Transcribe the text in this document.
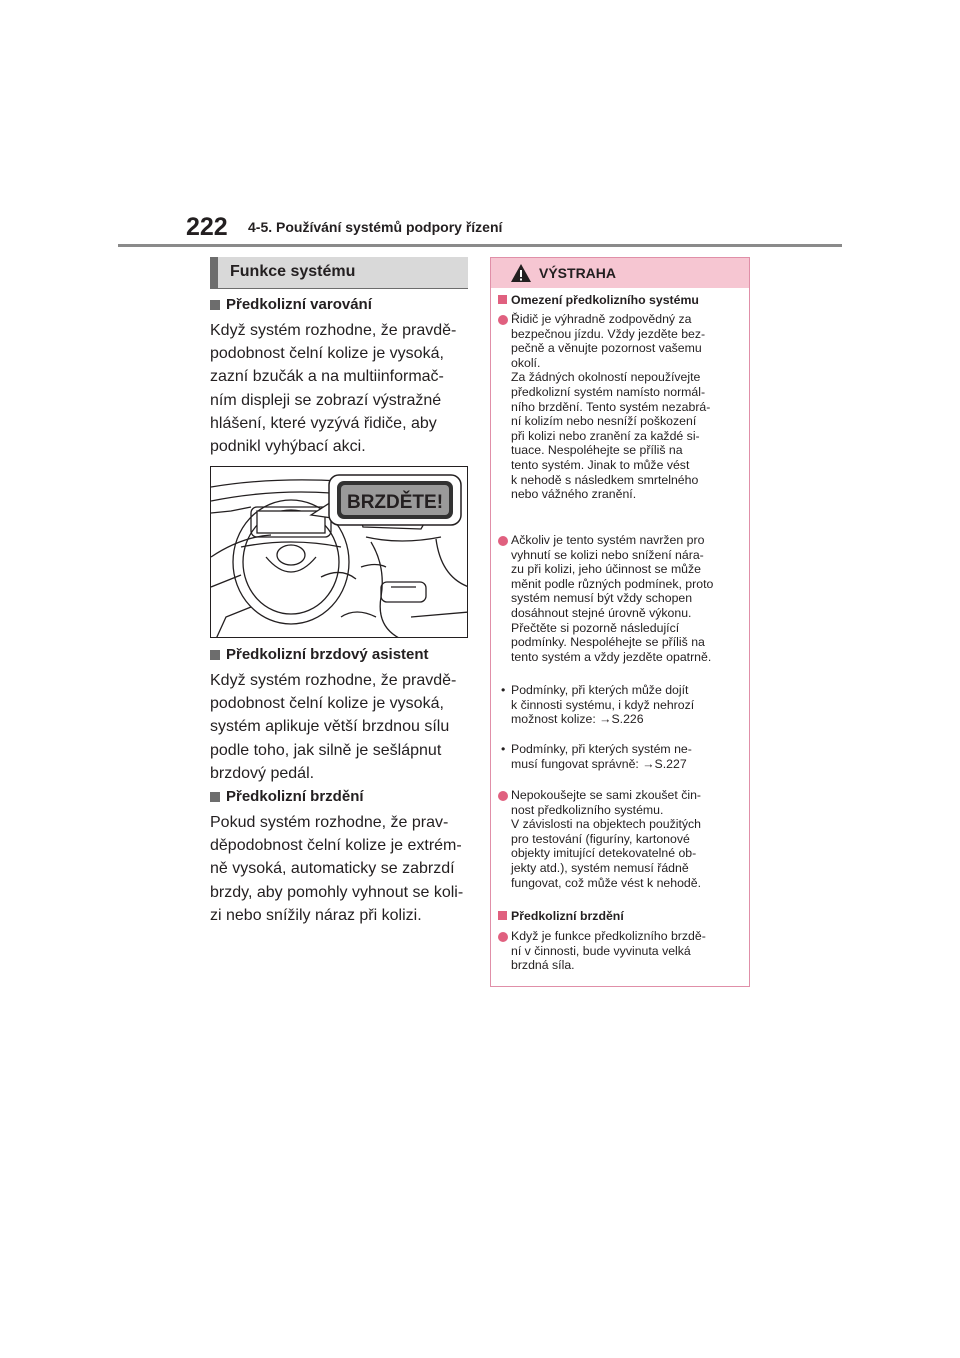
222 4-5. Používání systémů podpory řízení
Funkce systému
Předkolizní varování
Když systém rozhodne, že pravdě-
podobnost čelní kolize je vysoká,
zazní bzučák a na multiinformač-
ním displeji se zobrazí výstražné
hlášení, které vyzývá řidiče, aby
podnikl vyhýbací akci.
BRZDĚTE!
Předkolizní brzdový asistent
Když systém rozhodne, že pravdě-
podobnost čelní kolize je vysoká,
systém aplikuje větší brzdnou sílu
podle toho, jak silně je sešlápnut
brzdový pedál.
Předkolizní brzdění
Pokud systém rozhodne, že prav-
děpodobnost čelní kolize je extrém-
ně vysoká, automaticky se zabrzdí
brzdy, aby pomohly vyhnout se koli-
zi nebo snížily náraz při kolizi.
VÝSTRAHA
Omezení předkolizního systému
Řidič je výhradně zodpovědný za
bezpečnou jízdu. Vždy jezděte bez-
pečně a věnujte pozornost vašemu
okolí.
Za žádných okolností nepoužívejte
předkolizní systém namísto normál-
ního brzdění. Tento systém nezabrá-
ní kolizím nebo nesníží poškození
při kolizi nebo zranění za každé si-
tuace. Nespoléhejte se příliš na
tento systém. Jinak to může vést
k nehodě s následkem smrtelného
nebo vážného zranění.
Ačkoliv je tento systém navržen pro
vyhnutí se kolizi nebo snížení nára-
zu při kolizi, jeho účinnost se může
měnit podle různých podmínek, proto
systém nemusí být vždy schopen
dosáhnout stejné úrovně výkonu.
Přečtěte si pozorně následující
podmínky. Nespoléhejte se příliš na
tento systém a vždy jezděte opatrně.
• Podmínky, při kterých může dojít
k činnosti systému, i když nehrozí
možnost kolize: →S.226
• Podmínky, při kterých systém ne-
musí fungovat správně: →S.227
Nepokoušejte se sami zkoušet čin-
nost předkolizního systému.
V závislosti na objektech použitých
pro testování (figuríny, kartonové
objekty imitující detekovatelné ob-
jekty atd.), systém nemusí řádně
fungovat, což může vést k nehodě.
Předkolizní brzdění
Když je funkce předkolizního brzdě-
ní v činnosti, bude vyvinuta velká
brzdná síla.
